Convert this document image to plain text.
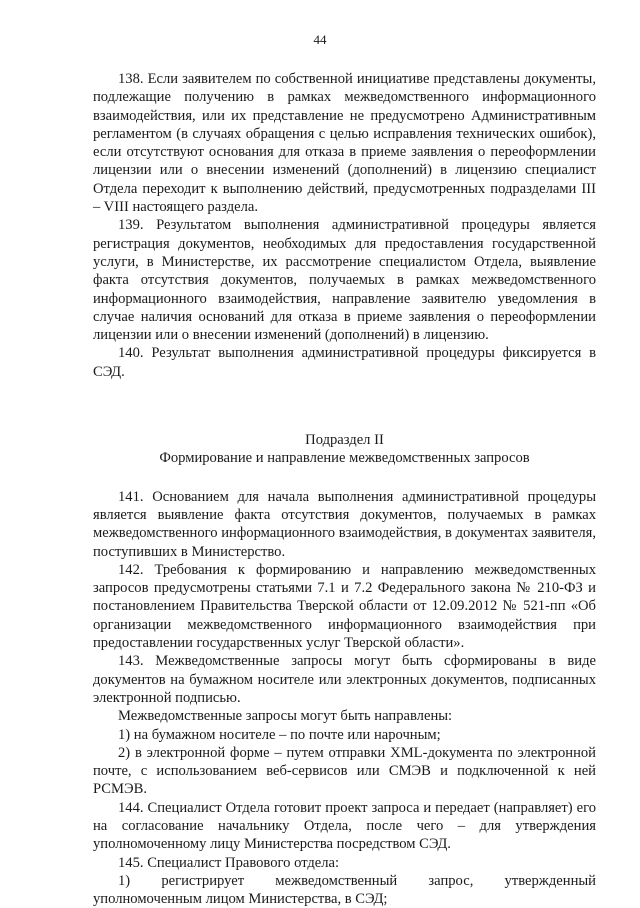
44

138. Если заявителем по собственной инициативе представлены документы, подлежащие получению в рамках межведомственного информационного взаимодействия, или их представление не предусмотрено Административным регламентом (в случаях обращения с целью исправления технических ошибок), если отсутствуют основания для отказа в приеме заявления о переоформлении лицензии или о внесении изменений (дополнений) в лицензию специалист Отдела переходит к выполнению действий, предусмотренных подразделами III – VIII настоящего раздела.

139. Результатом выполнения административной процедуры является регистрация документов, необходимых для предоставления государственной услуги, в Министерстве, их рассмотрение специалистом Отдела, выявление факта отсутствия документов, получаемых в рамках межведомственного информационного взаимодействия, направление заявителю уведомления в случае наличия оснований для отказа в приеме заявления о переоформлении лицензии или о внесении изменений (дополнений) в лицензию.

140. Результат выполнения административной процедуры фиксируется в СЭД.

Подраздел II

Формирование и направление межведомственных запросов

141. Основанием для начала выполнения административной процедуры является выявление факта отсутствия документов, получаемых в рамках межведомственного информационного взаимодействия, в документах заявителя, поступивших в Министерство.

142. Требования к формированию и направлению межведомственных запросов предусмотрены статьями 7.1 и 7.2 Федерального закона № 210-ФЗ и постановлением Правительства Тверской области от 12.09.2012 № 521-пп «Об организации межведомственного информационного взаимодействия при предоставлении государственных услуг Тверской области».

143. Межведомственные запросы могут быть сформированы в виде документов на бумажном носителе или электронных документов, подписанных электронной подписью.

Межведомственные запросы могут быть направлены:

1) на бумажном носителе – по почте или нарочным;

2) в электронной форме – путем отправки XML-документа по электронной почте, с использованием веб-сервисов или СМЭВ и подключенной к ней РСМЭВ.

144. Специалист Отдела готовит проект запроса и передает (направляет) его на согласование начальнику Отдела, после чего – для утверждения уполномоченному лицу Министерства посредством СЭД.

145. Специалист Правового отдела:

1) регистрирует межведомственный запрос, утвержденный уполномоченным лицом Министерства, в СЭД;
